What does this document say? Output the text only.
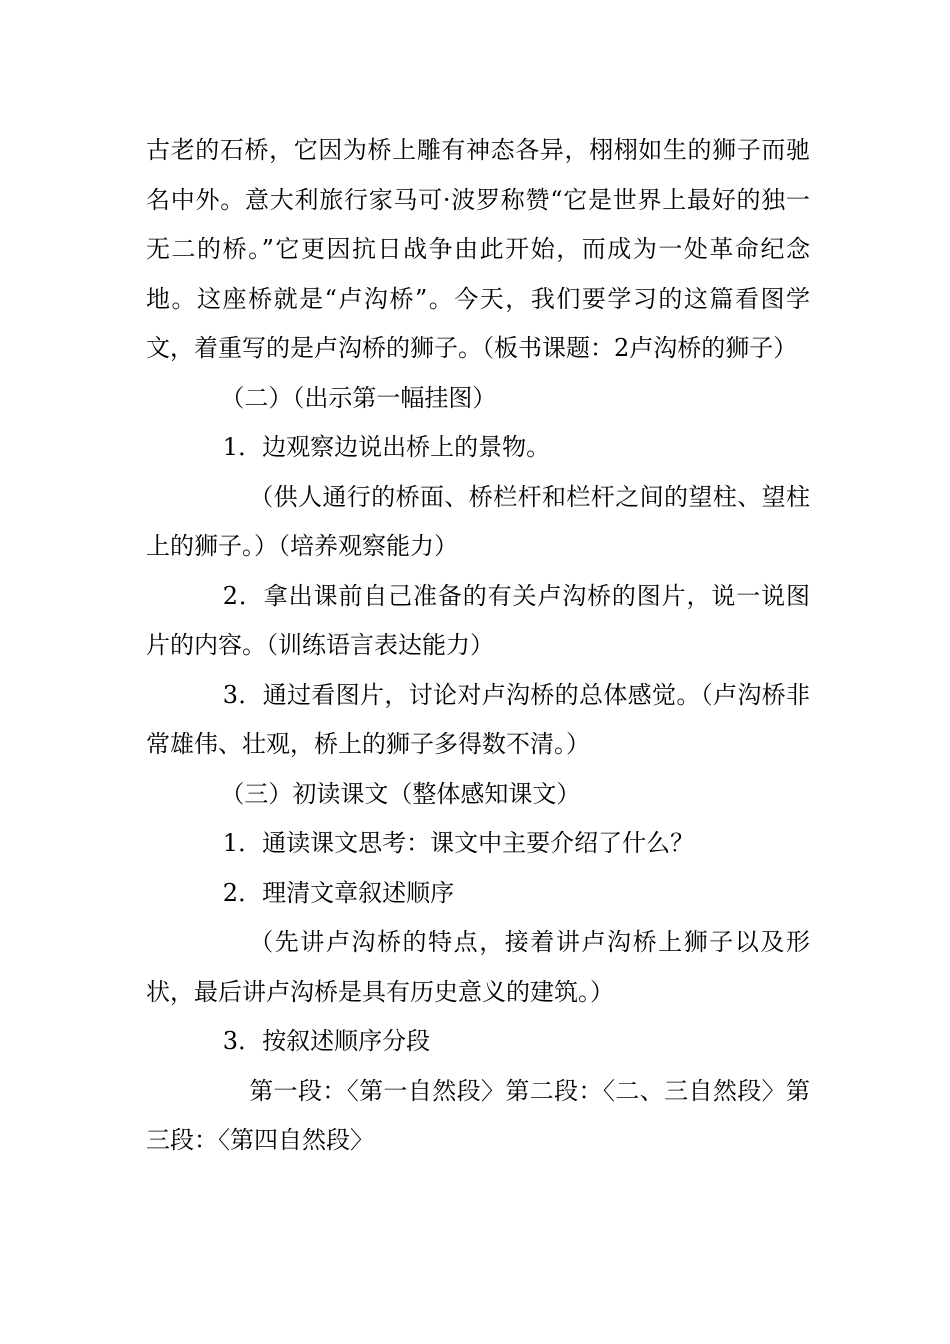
古老的石桥，它因为桥上雕有神态各异，栩栩如生的狮子而驰名中外。意大利旅行家马可·波罗称赞“它是世界上最好的独一无二的桥。”它更因抗日战争由此开始，而成为一处革命纪念地。这座桥就是“卢沟桥”。今天，我们要学习的这篇看图学文，着重写的是卢沟桥的狮子。（板书课题：2卢沟桥的狮子）

（二）（出示第一幅挂图）

1．边观察边说出桥上的景物。

（供人通行的桥面、桥栏杆和栏杆之间的望柱、望柱上的狮子。）（培养观察能力）

2．拿出课前自己准备的有关卢沟桥的图片，说一说图片的内容。（训练语言表达能力）

3．通过看图片，讨论对卢沟桥的总体感觉。（卢沟桥非常雄伟、壮观，桥上的狮子多得数不清。）

（三）初读课文（整体感知课文）

1．通读课文思考：课文中主要介绍了什么？

2．理清文章叙述顺序

（先讲卢沟桥的特点，接着讲卢沟桥上狮子以及形状，最后讲卢沟桥是具有历史意义的建筑。）

3．按叙述顺序分段

第一段：〈第一自然段〉第二段：〈二、三自然段〉第三段：〈第四自然段〉
